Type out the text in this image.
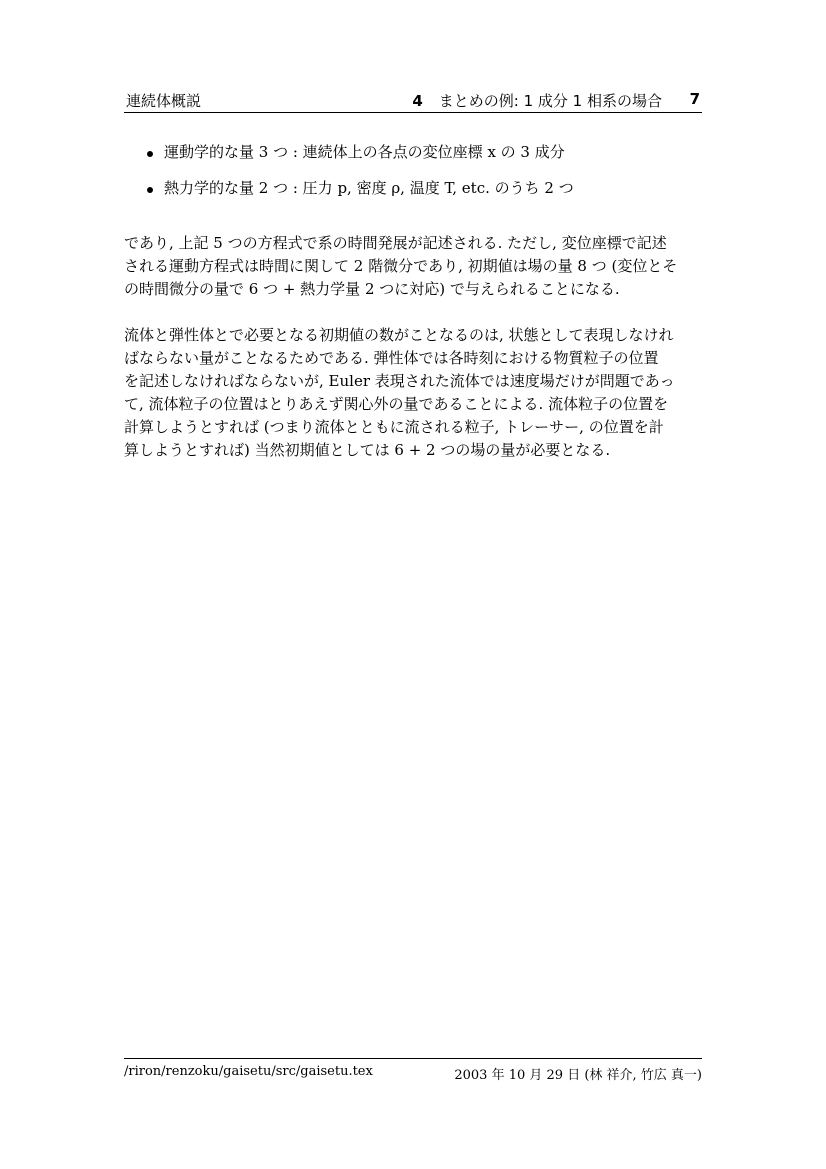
連続体概説	4 まとめの例: 1 成分 1 相系の場合 7
運動学的な量 3 つ : 連続体上の各点の変位座標 x の 3 成分
熱力学的な量 2 つ : 圧力 p, 密度 ρ, 温度 T, etc. のうち 2 つ

であり, 上記 5 つの方程式で系の時間発展が記述される. ただし, 変位座標で記述
される運動方程式は時間に関して 2 階微分であり, 初期値は場の量 8 つ (変位とそ
の時間微分の量で 6 つ + 熱力学量 2 つに対応) で与えられることになる.

流体と弾性体とで必要となる初期値の数がことなるのは, 状態として表現しなけれ
ばならない量がことなるためである. 弾性体では各時刻における物質粒子の位置
を記述しなければならないが, Euler 表現された流体では速度場だけが問題であっ
て, 流体粒子の位置はとりあえず関心外の量であることによる. 流体粒子の位置を
計算しようとすれば (つまり流体とともに流される粒子, トレーサー, の位置を計
算しようとすれば) 当然初期値としては 6 + 2 つの場の量が必要となる.

/riron/renzoku/gaisetu/src/gaisetu.tex	2003 年 10 月 29 日 (林 祥介, 竹広 真一)
